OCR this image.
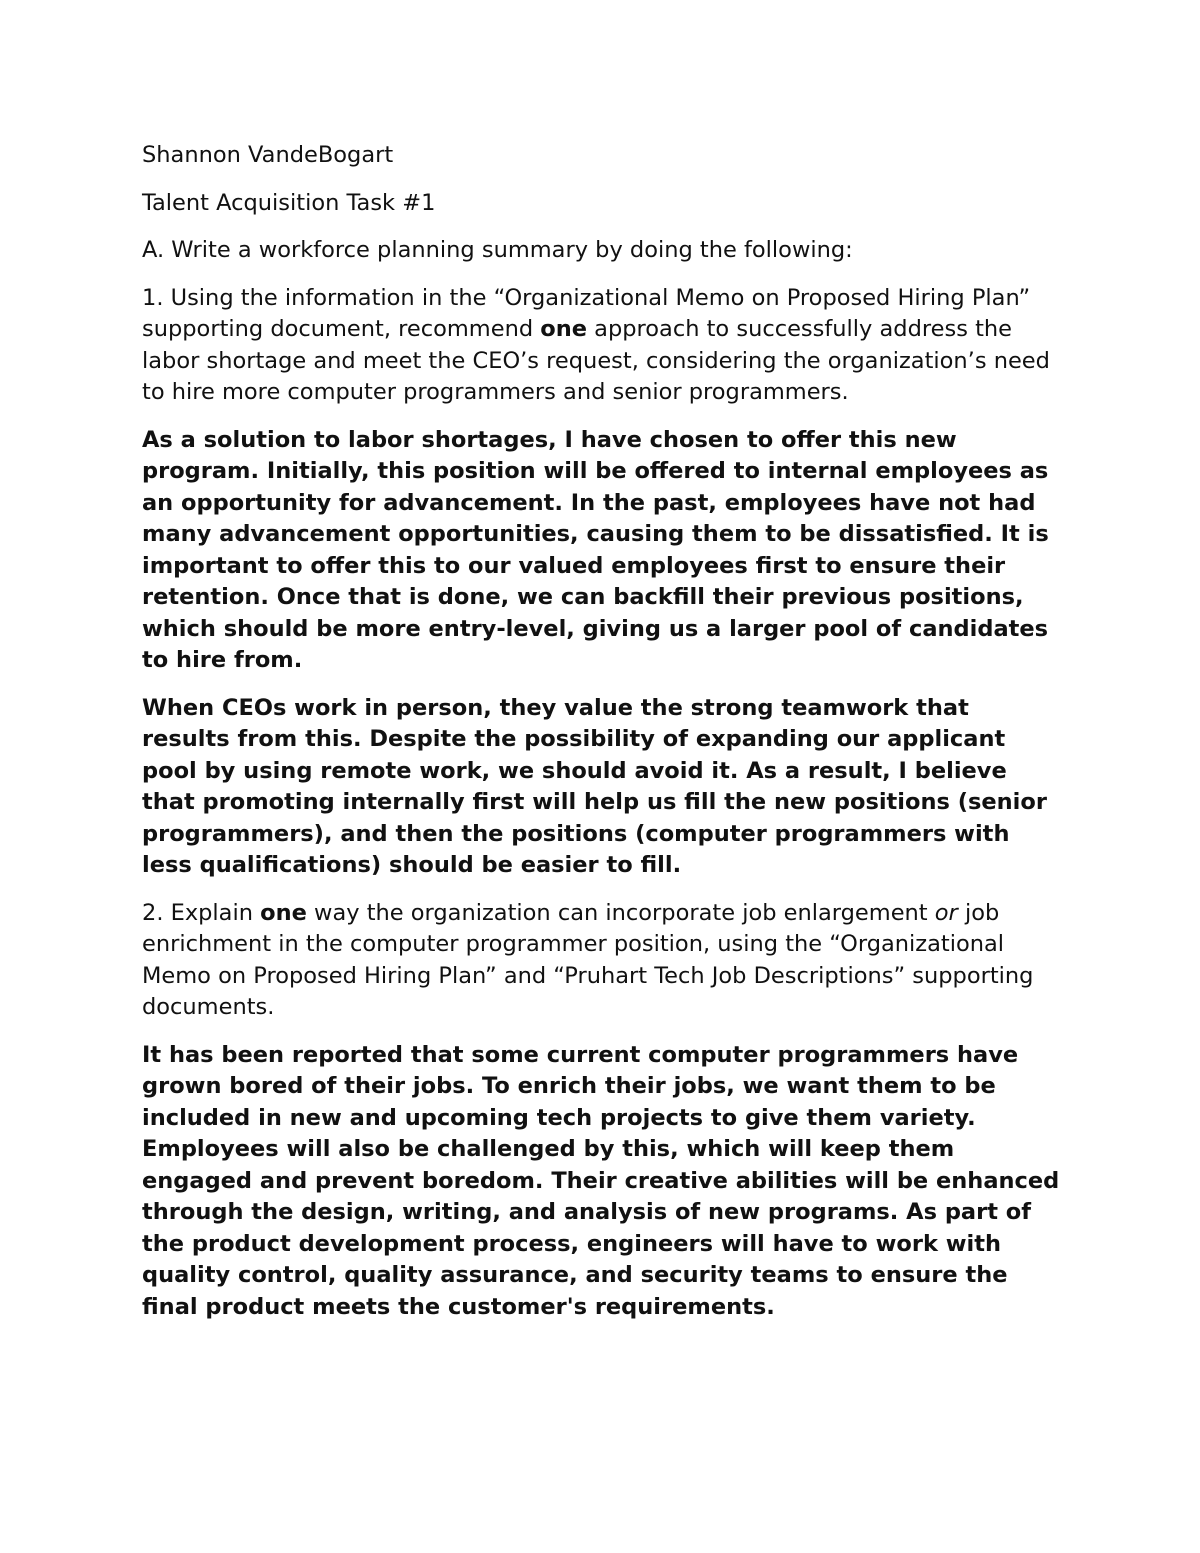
Shannon VandeBogart

Talent Acquisition Task #1

A. Write a workforce planning summary by doing the following:

1. Using the information in the “Organizational Memo on Proposed Hiring Plan” supporting document, recommend one approach to successfully address the labor shortage and meet the CEO’s request, considering the organization’s need to hire more computer programmers and senior programmers.

As a solution to labor shortages, I have chosen to offer this new program. Initially, this position will be offered to internal employees as an opportunity for advancement. In the past, employees have not had many advancement opportunities, causing them to be dissatisfied. It is important to offer this to our valued employees first to ensure their retention. Once that is done, we can backfill their previous positions, which should be more entry-level, giving us a larger pool of candidates to hire from.

When CEOs work in person, they value the strong teamwork that results from this. Despite the possibility of expanding our applicant pool by using remote work, we should avoid it. As a result, I believe that promoting internally first will help us fill the new positions (senior programmers), and then the positions (computer programmers with less qualifications) should be easier to fill.

2. Explain one way the organization can incorporate job enlargement or job enrichment in the computer programmer position, using the “Organizational Memo on Proposed Hiring Plan” and “Pruhart Tech Job Descriptions” supporting documents.

It has been reported that some current computer programmers have grown bored of their jobs. To enrich their jobs, we want them to be included in new and upcoming tech projects to give them variety. Employees will also be challenged by this, which will keep them engaged and prevent boredom. Their creative abilities will be enhanced through the design, writing, and analysis of new programs. As part of the product development process, engineers will have to work with quality control, quality assurance, and security teams to ensure the final product meets the customer's requirements.
